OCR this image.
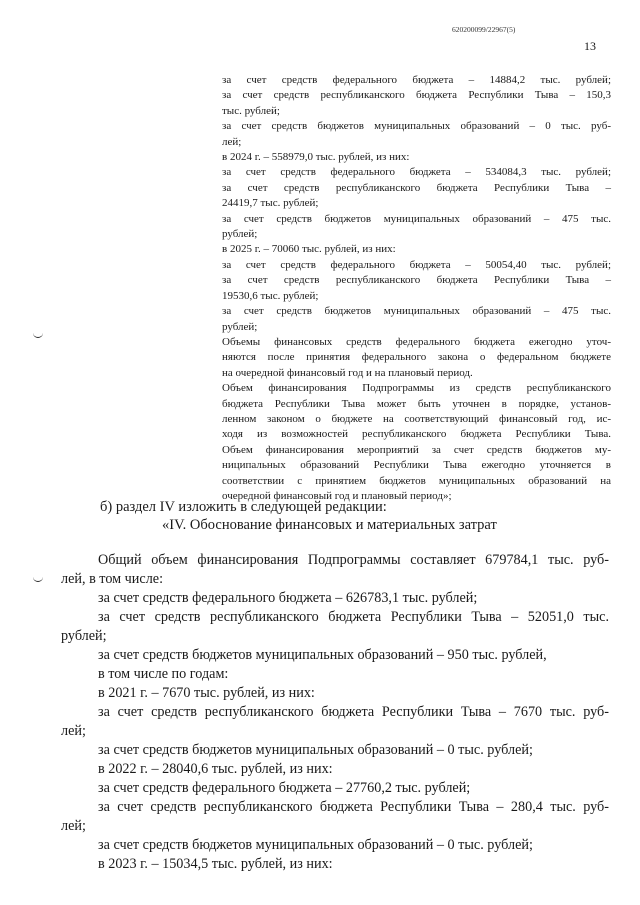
620200099/22967(5)
13

за счет средств федерального бюджета – 14884,2 тыс. рублей;

за счет средств республиканского бюджета Республики Тыва – 150,3

тыс. рублей;

за счет средств бюджетов муниципальных образований – 0 тыс. руб-

лей;

в 2024 г. – 558979,0 тыс. рублей, из них:

за счет средств федерального бюджета – 534084,3 тыс. рублей;

за счет средств республиканского бюджета Республики Тыва –

24419,7 тыс. рублей;

за счет средств бюджетов муниципальных образований – 475 тыс.

рублей;

в 2025 г. – 70060 тыс. рублей, из них:

за счет средств федерального бюджета – 50054,40 тыс. рублей;

за счет средств республиканского бюджета Республики Тыва –

19530,6 тыс. рублей;

за счет средств бюджетов муниципальных образований – 475 тыс.

рублей;

Объемы финансовых средств федерального бюджета ежегодно уточ-

няются после принятия федерального закона о федеральном бюджете

на очередной финансовый год и на плановый период.

Объем финансирования Подпрограммы из средств республиканского

бюджета Республики Тыва может быть уточнен в порядке, установ-

ленном законом о бюджете на соответствующий финансовый год, ис-

ходя из возможностей республиканского бюджета Республики Тыва.

Объем финансирования мероприятий за счет средств бюджетов му-

ниципальных образований Республики Тыва ежегодно уточняется в

соответствии с принятием бюджетов муниципальных образований на

очередной финансовый год и плановый период»;

б) раздел IV изложить в следующей редакции:
«IV. Обоснование финансовых и материальных затрат

Общий объем финансирования Подпрограммы составляет 679784,1 тыс. руб-

лей, в том числе:

за счет средств федерального бюджета – 626783,1 тыс. рублей;

за счет средств республиканского бюджета Республики Тыва – 52051,0 тыс.

рублей;

за счет средств бюджетов муниципальных образований – 950 тыс. рублей,

в том числе по годам:

в 2021 г. – 7670 тыс. рублей, из них:

за счет средств республиканского бюджета Республики Тыва – 7670 тыс. руб-

лей;

за счет средств бюджетов муниципальных образований – 0 тыс. рублей;

в 2022 г. – 28040,6 тыс. рублей, из них:

за счет средств федерального бюджета – 27760,2 тыс. рублей;

за счет средств республиканского бюджета Республики Тыва – 280,4 тыс. руб-

лей;

за счет средств бюджетов муниципальных образований – 0 тыс. рублей;

в 2023 г. – 15034,5 тыс. рублей, из них:
